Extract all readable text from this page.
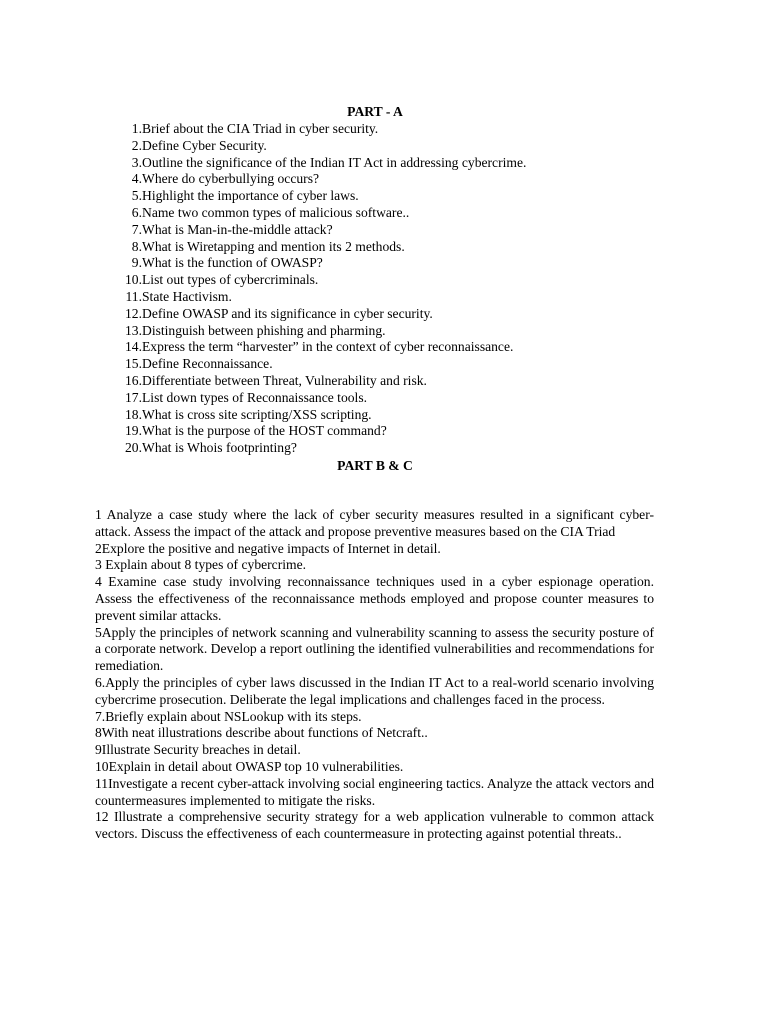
PART - A
1. Brief about the CIA Triad in cyber security.
2. Define Cyber Security.
3. Outline the significance of the Indian IT Act in addressing cybercrime.
4. Where do cyberbullying occurs?
5. Highlight the importance of cyber laws.
6. Name two common types of malicious software..
7. What is Man-in-the-middle attack?
8. What is Wiretapping and mention its 2 methods.
9. What is the function of OWASP?
10. List out types of cybercriminals.
11. State Hactivism.
12. Define OWASP and its significance in cyber security.
13. Distinguish between phishing and pharming.
14. Express the term “harvester” in the context of cyber reconnaissance.
15. Define Reconnaissance.
16. Differentiate between Threat, Vulnerability and risk.
17. List down types of Reconnaissance tools.
18. What is cross site scripting/XSS scripting.
19. What is the purpose of the HOST command?
20. What is Whois footprinting?
PART B & C

1 Analyze a case study where the lack of cyber security measures resulted in a significant cyber-attack. Assess the impact of the attack and propose preventive measures based on the CIA Triad

2Explore the positive and negative impacts of Internet in detail.

3 Explain about 8 types of cybercrime.

4 Examine case study involving reconnaissance techniques used in a cyber espionage operation. Assess the effectiveness of the reconnaissance methods employed and propose counter measures to prevent similar attacks.

5Apply the principles of network scanning and vulnerability scanning to assess the security posture of a corporate network. Develop a report outlining the identified vulnerabilities and recommendations for remediation.

6.Apply the principles of cyber laws discussed in the Indian IT Act to a real-world scenario involving cybercrime prosecution. Deliberate the legal implications and challenges faced in the process.

7.Briefly explain about NSLookup with its steps.

8With neat illustrations describe about functions of Netcraft..

9Illustrate Security breaches in detail.

10Explain in detail about OWASP top 10 vulnerabilities.

11Investigate a recent cyber-attack involving social engineering tactics. Analyze the attack vectors and countermeasures implemented to mitigate the risks.

12 Illustrate a comprehensive security strategy for a web application vulnerable to common attack vectors. Discuss the effectiveness of each countermeasure in protecting against potential threats..
